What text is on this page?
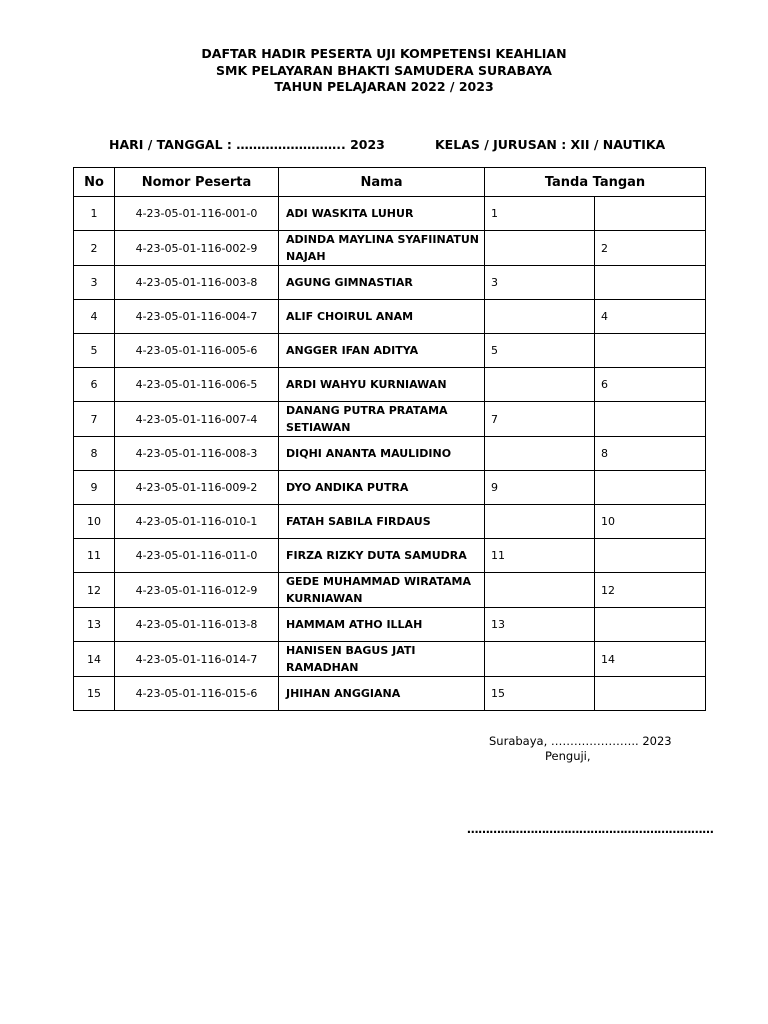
DAFTAR HADIR PESERTA UJI KOMPETENSI KEAHLIAN
SMK PELAYARAN BHAKTI SAMUDERA SURABAYA
TAHUN PELAJARAN 2022 / 2023
HARI / TANGGAL : …………………….. 2023	KELAS / JURUSAN : XII / NAUTIKA
No	Nomor Peserta	Nama	Tanda Tangan	
1	4-23-05-01-116-001-0	ADI WASKITA LUHUR	1	
2	4-23-05-01-116-002-9	ADINDA MAYLINA SYAFIINATUN NAJAH		2
3	4-23-05-01-116-003-8	AGUNG GIMNASTIAR	3	
4	4-23-05-01-116-004-7	ALIF CHOIRUL ANAM		4
5	4-23-05-01-116-005-6	ANGGER IFAN ADITYA	5	
6	4-23-05-01-116-006-5	ARDI WAHYU KURNIAWAN		6
7	4-23-05-01-116-007-4	DANANG PUTRA PRATAMA SETIAWAN	7	
8	4-23-05-01-116-008-3	DIQHI ANANTA MAULIDINO		8
9	4-23-05-01-116-009-2	DYO ANDIKA PUTRA	9	
10	4-23-05-01-116-010-1	FATAH SABILA FIRDAUS		10
11	4-23-05-01-116-011-0	FIRZA RIZKY DUTA SAMUDRA	11	
12	4-23-05-01-116-012-9	GEDE MUHAMMAD WIRATAMA KURNIAWAN		12
13	4-23-05-01-116-013-8	HAMMAM ATHO ILLAH	13	
14	4-23-05-01-116-014-7	HANISEN BAGUS JATI RAMADHAN		14
15	4-23-05-01-116-015-6	JHIHAN ANGGIANA	15	
Surabaya, ………………….. 2023
Penguji,
…………………………………………………………
